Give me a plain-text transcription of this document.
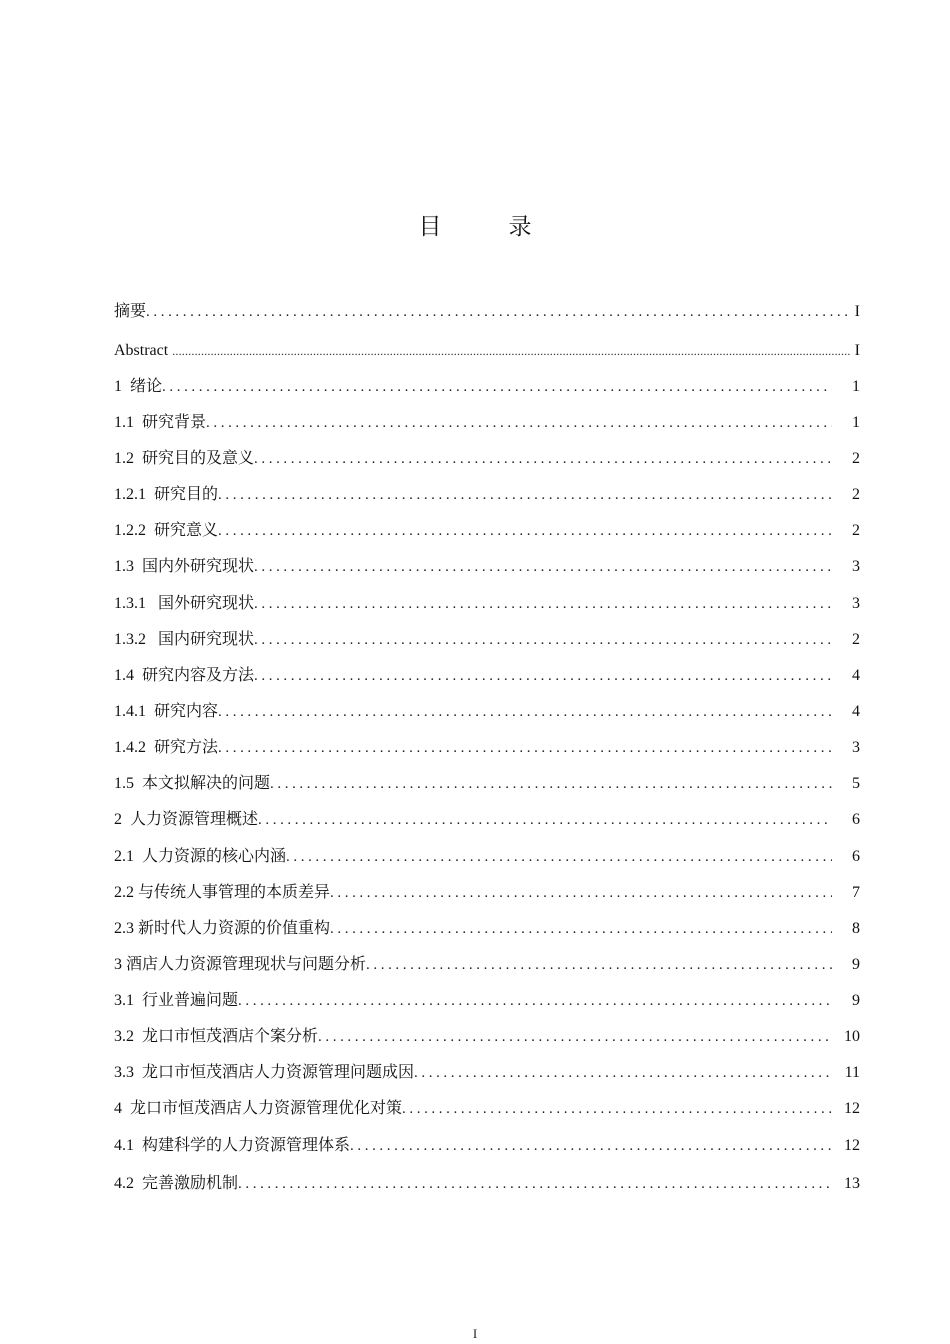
目　录
摘要 .....	I
Abstract .....	I
1  绪论 .....	1
1.1  研究背景 .....	1
1.2  研究目的及意义 .....	2
1.2.1  研究目的 .....	2
1.2.2  研究意义 .....	2
1.3  国内外研究现状 .....	3
1.3.1   国外研究现状 .....	3
1.3.2   国内研究现状 .....	2
1.4  研究内容及方法 .....	4
1.4.1  研究内容 .....	4
1.4.2  研究方法 .....	3
1.5  本文拟解决的问题 .....	5
2  人力资源管理概述 .....	6
2.1  人力资源的核心内涵 .....	6
2.2 与传统人事管理的本质差异 .....	7
2.3 新时代人力资源的价值重构 .....	8
3 酒店人力资源管理现状与问题分析 .....	9
3.1  行业普遍问题 .....	9
3.2  龙口市恒茂酒店个案分析 .....	10
3.3  龙口市恒茂酒店人力资源管理问题成因 .....	11
4  龙口市恒茂酒店人力资源管理优化对策 .....	12
4.1  构建科学的人力资源管理体系 .....	12
4.2  完善激励机制 .....	13
I
